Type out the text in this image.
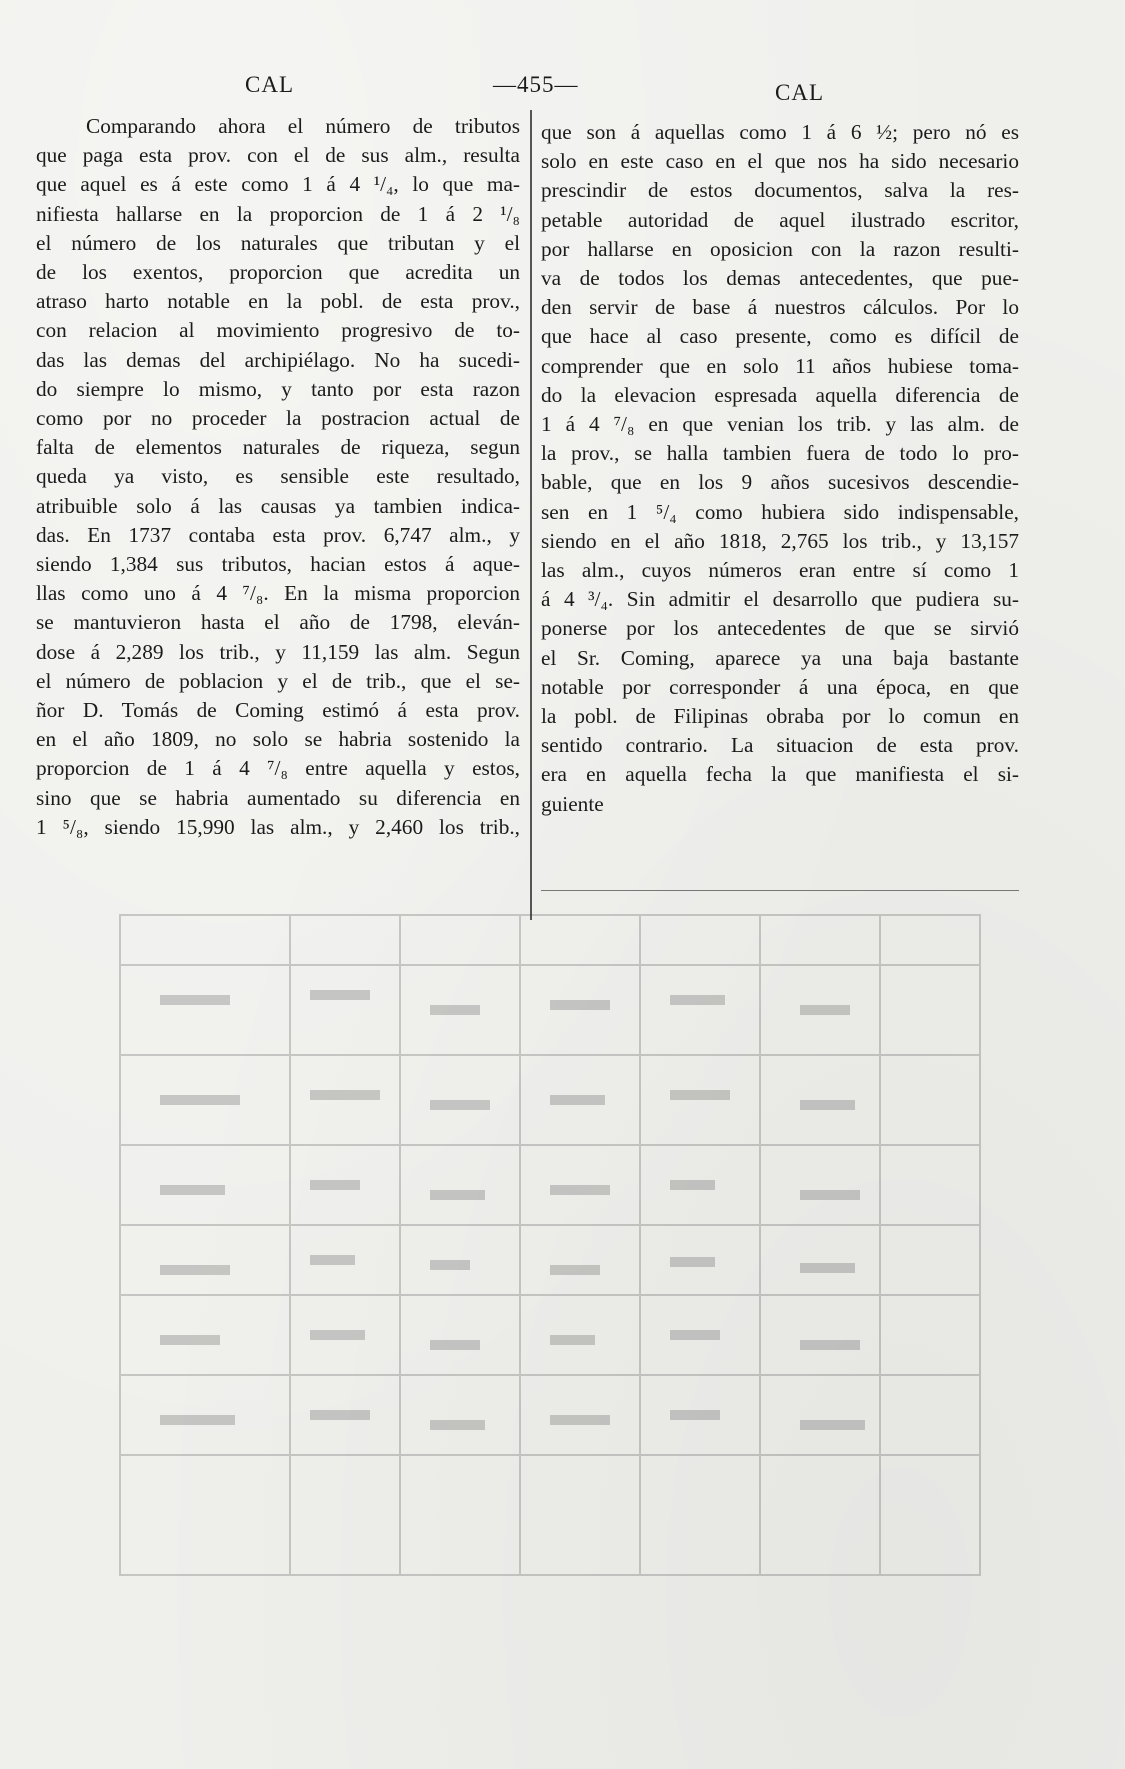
CAL	—455—	CAL
Comparando ahora el número de tributos
que paga esta prov. con el de sus alm., resulta
que aquel es á este como 1 á 4 ¹/₄, lo que ma-
nifiesta hallarse en la proporcion de 1 á 2 ¹/₈
el número de los naturales que tributan y el
de los exentos, proporcion que acredita un
atraso harto notable en la pobl. de esta prov.,
con relacion al movimiento progresivo de to-
das las demas del archipiélago. No ha sucedi-
do siempre lo mismo, y tanto por esta razon
como por no proceder la postracion actual de
falta de elementos naturales de riqueza, segun
queda ya visto, es sensible este resultado,
atribuible solo á las causas ya tambien indica-
das. En 1737 contaba esta prov. 6,747 alm., y
siendo 1,384 sus tributos, hacian estos á aque-
llas como uno á 4 ⁷/₈. En la misma proporcion
se mantuvieron hasta el año de 1798, eleván-
dose á 2,289 los trib., y 11,159 las alm. Segun
el número de poblacion y el de trib., que el se-
ñor D. Tomás de Coming estimó á esta prov.
en el año 1809, no solo se habria sostenido la
proporcion de 1 á 4 ⁷/₈ entre aquella y estos,
sino que se habria aumentado su diferencia en
1 ⁵/₈, siendo 15,990 las alm., y 2,460 los trib.,
que son á aquellas como 1 á 6 ½; pero nó es
solo en este caso en el que nos ha sido necesario
prescindir de estos documentos, salva la res-
petable autoridad de aquel ilustrado escritor,
por hallarse en oposicion con la razon resulti-
va de todos los demas antecedentes, que pue-
den servir de base á nuestros cálculos. Por lo
que hace al caso presente, como es difícil de
comprender que en solo 11 años hubiese toma-
do la elevacion espresada aquella diferencia de
1 á 4 ⁷/₈ en que venian los trib. y las alm. de
la prov., se halla tambien fuera de todo lo pro-
bable, que en los 9 años sucesivos descendie-
sen en 1 ⁵/₄ como hubiera sido indispensable,
siendo en el año 1818, 2,765 los trib., y 13,157
las alm., cuyos números eran entre sí como 1
á 4 ³/₄. Sin admitir el desarrollo que pudiera su-
ponerse por los antecedentes de que se sirvió
el Sr. Coming, aparece ya una baja bastante
notable por corresponder á una época, en que
la pobl. de Filipinas obraba por lo comun en
sentido contrario. La situacion de esta prov.
era en aquella fecha la que manifiesta el si-
guiente
